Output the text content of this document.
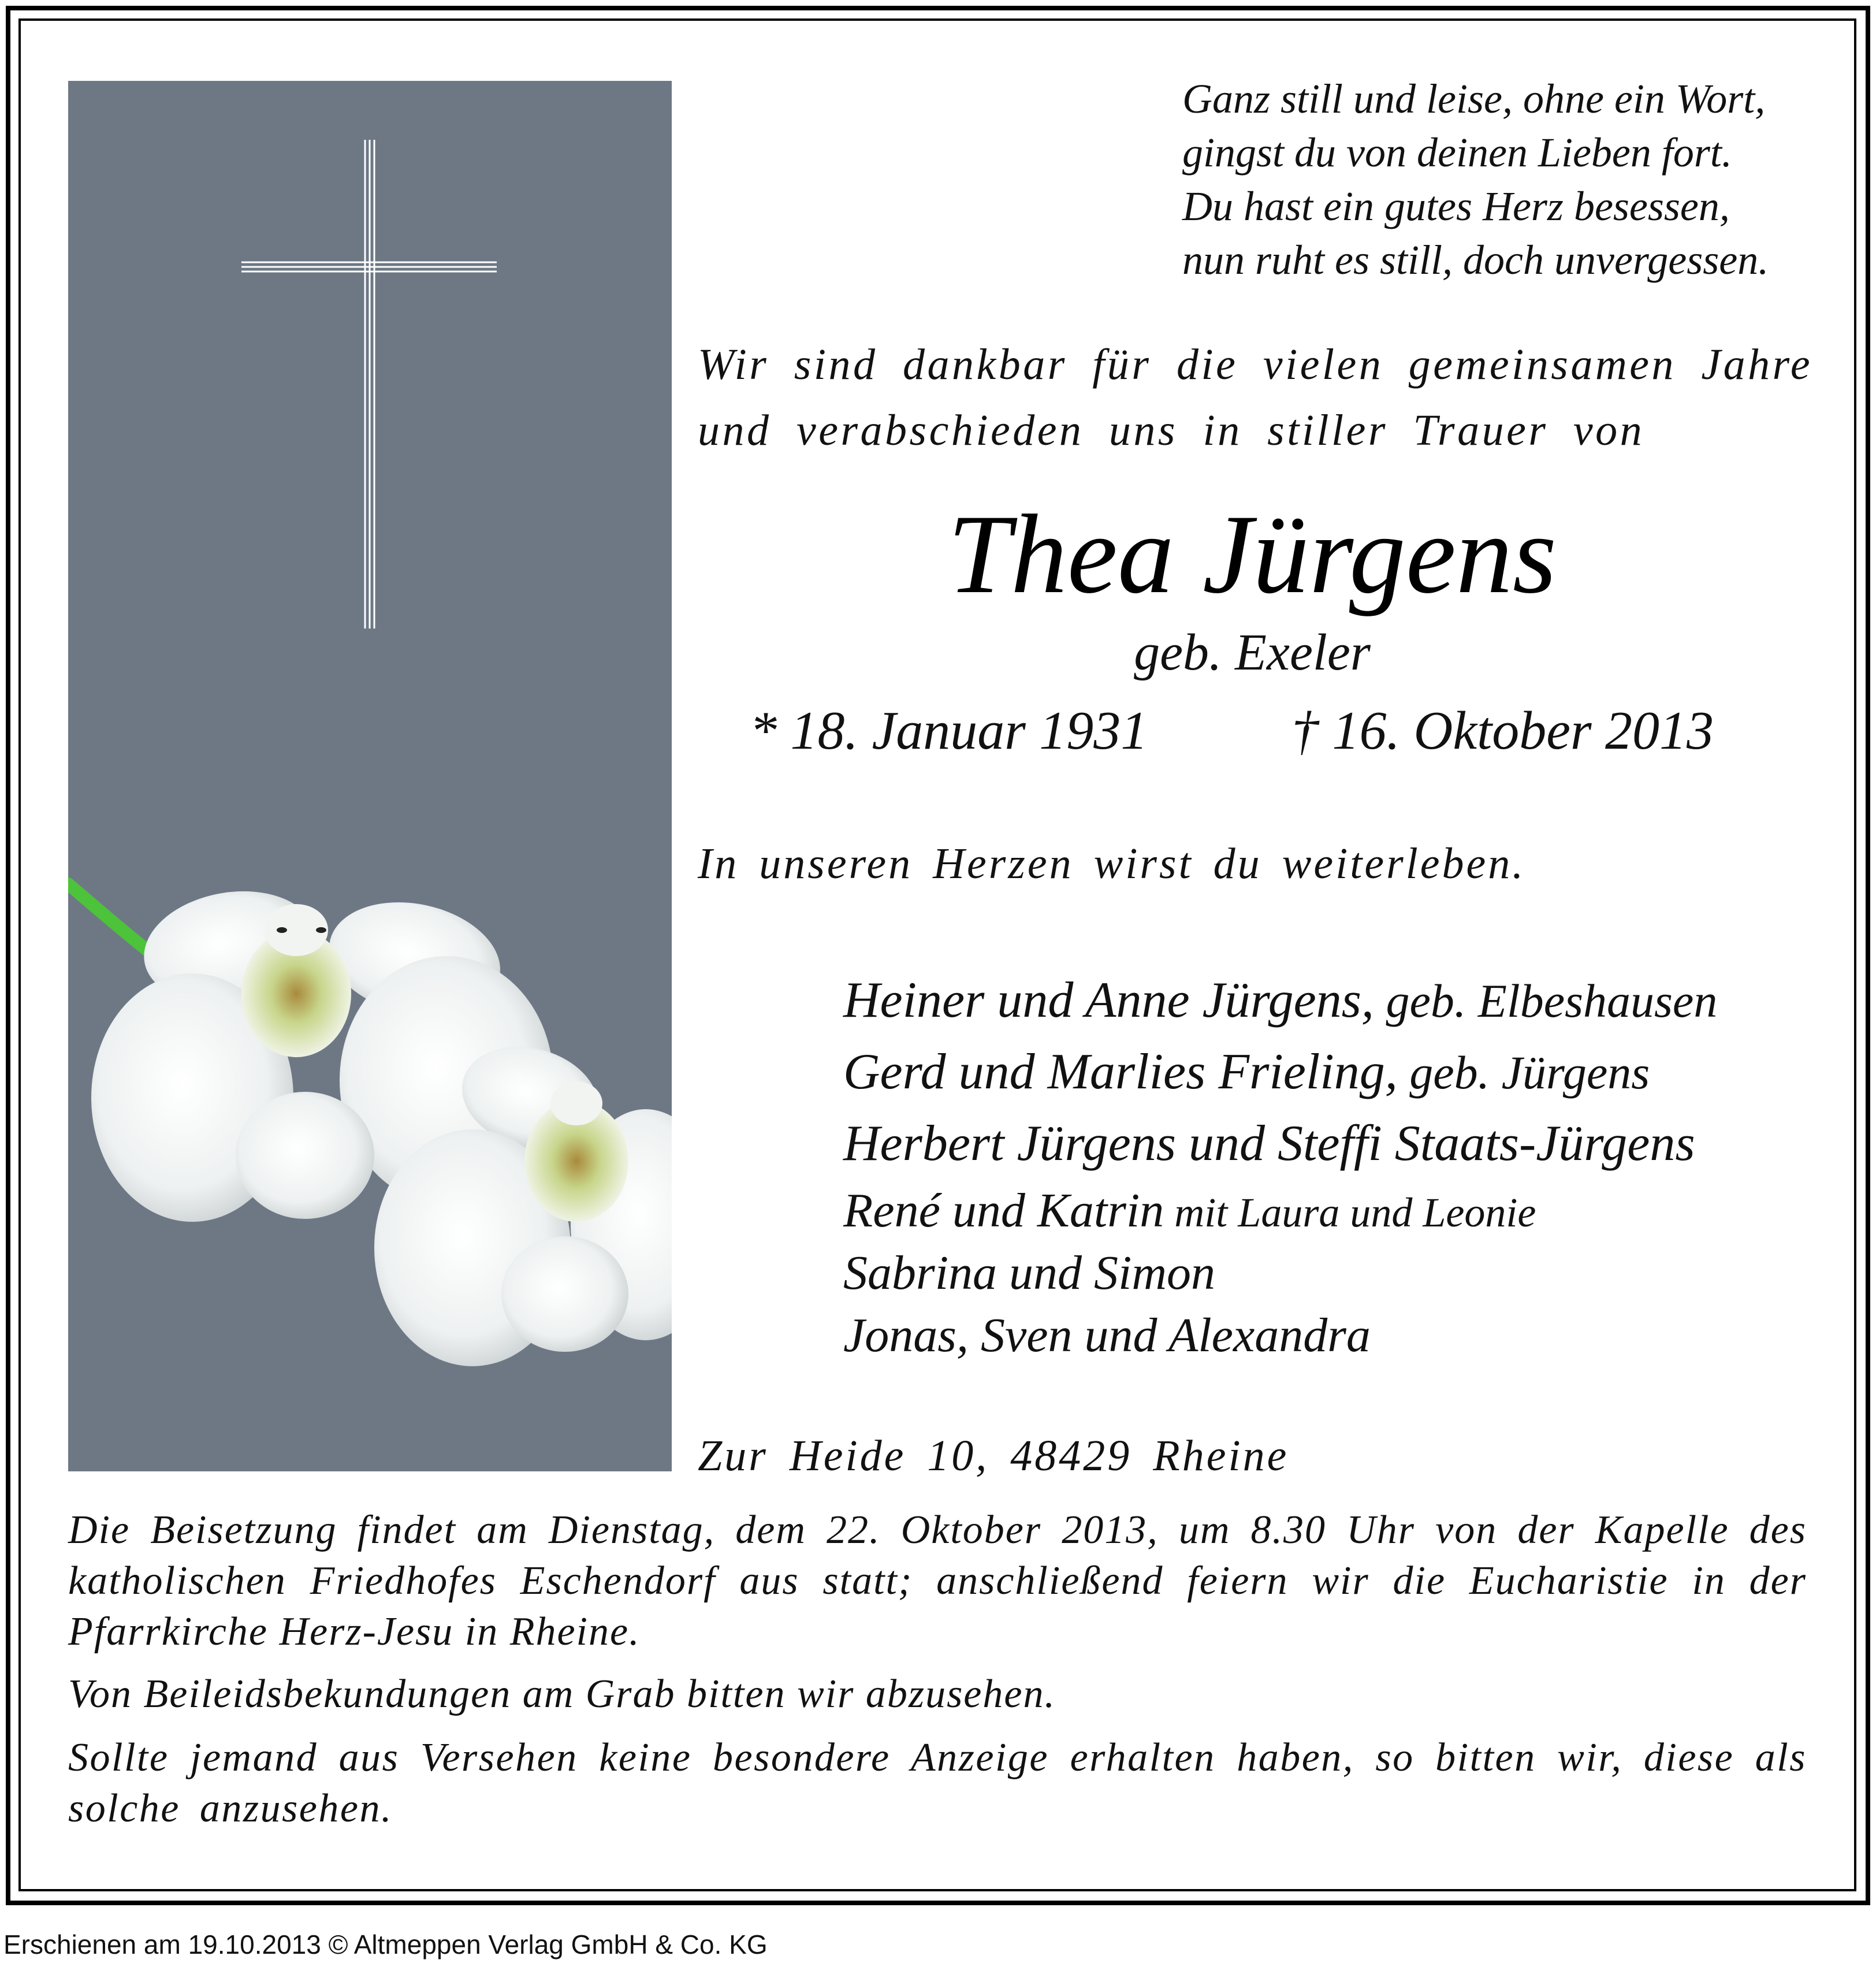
Ganz still und leise, ohne ein Wort,
gingst du von deinen Lieben fort.
Du hast ein gutes Herz besessen,
nun ruht es still, doch unvergessen.
Wir sind dankbar für die vielen gemeinsamen Jahre
und verabschieden uns in stiller Trauer von
Thea Jürgens
geb. Exeler
* 18. Januar 1931	† 16. Oktober 2013
In unseren Herzen wirst du weiterleben.
Heiner und Anne Jürgens, geb. Elbeshausen
Gerd und Marlies Frieling, geb. Jürgens
Herbert Jürgens und Steffi Staats-Jürgens
René und Katrin mit Laura und Leonie
Sabrina und Simon
Jonas, Sven und Alexandra
Zur Heide 10, 48429 Rheine

Die Beisetzung findet am Dienstag, dem 22. Oktober 2013, um 8.30 Uhr von der Kapelle des katholischen Friedhofes Eschendorf aus statt; anschließend feiern wir die Eucharistie in der Pfarrkirche Herz-Jesu in Rheine.

Von Beileidsbekundungen am Grab bitten wir abzusehen.

Sollte jemand aus Versehen keine besondere Anzeige erhalten haben, so bitten wir, diese als solche anzusehen.

Erschienen am 19.10.2013 © Altmeppen Verlag GmbH & Co. KG
